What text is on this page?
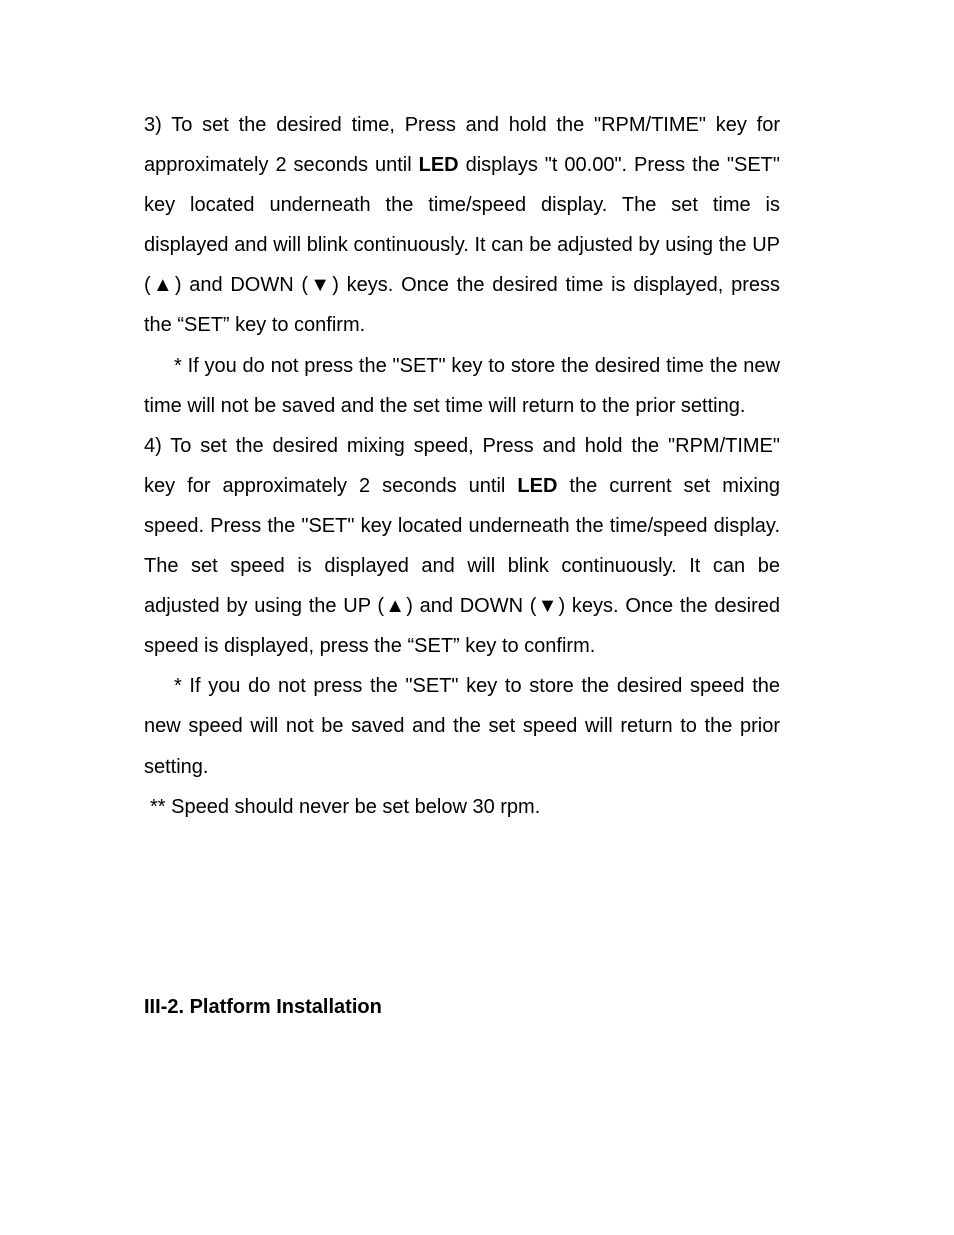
3) To set the desired time, Press and hold the "RPM/TIME" key for approximately 2 seconds until LED displays "t 00.00". Press the "SET" key located underneath the time/speed display. The set time is displayed and will blink continuously. It can be adjusted by using the UP (▲) and DOWN (▼) keys. Once the desired time is displayed, press the “SET” key to confirm.

* If you do not press the "SET" key to store the desired time the new time will not be saved and the set time will return to the prior setting.

4) To set the desired mixing speed, Press and hold the "RPM/TIME" key for approximately 2 seconds until LED the current set mixing speed. Press the "SET" key located underneath the time/speed display. The set speed is displayed and will blink continuously. It can be adjusted by using the UP (▲) and DOWN (▼) keys. Once the desired speed is displayed, press the “SET” key to confirm.

* If you do not press the "SET" key to store the desired speed the new speed will not be saved and the set speed will return to the prior setting.

** Speed should never be set below 30 rpm.

III-2. Platform Installation
